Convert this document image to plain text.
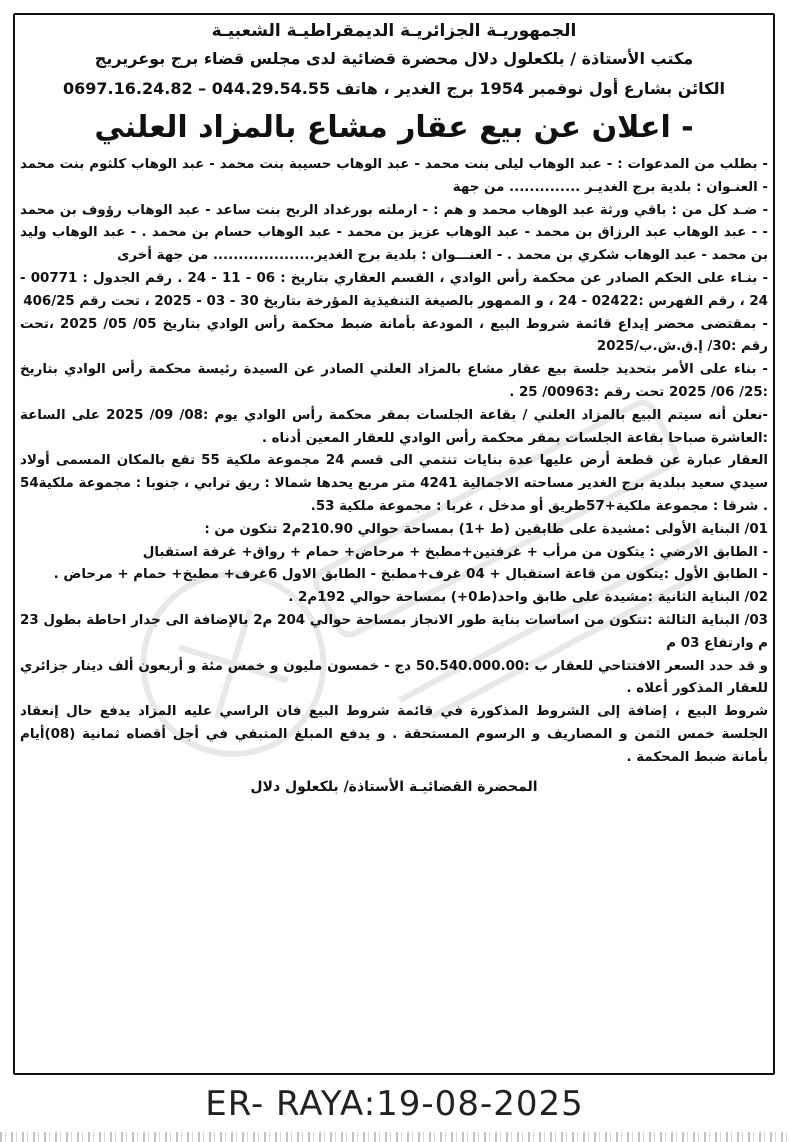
الجمهوريـة الجزائريـة الديمقراطيـة الشعبيـة

مكتب الأستاذة / بلكعلول دلال محضرة قضائية لدى مجلس قضاء برج بوعريريج

الكائن بشارع أول نوفمبر 1954 برج الغدير ، هاتف 044.29.54.55 – 0697.16.24.82

- اعلان عن بيع عقار مشاع بالمزاد العلني

- بطلب من المدعوات : - عبد الوهاب ليلى بنت محمد - عبد الوهاب حسيبة بنت محمد - عبد الوهاب كلثوم بنت محمد - العنـوان : بلدية برج الغديـر .............. من جهة

- ضـد كل من : باقي ورثة عبد الوهاب محمد و هم : - ارملته بورغداد الربح بنت ساعد - عبد الوهاب رؤوف بن محمد - - عبد الوهاب عبد الرزاق بن محمد - عبد الوهاب عزيز بن محمد - عبد الوهاب حسام بن محمد . - عبد الوهاب وليد بن محمد - عبد الوهاب شكري بن محمد . - العنـــوان : بلدية برج الغدير.................... من جهة أخرى

- بنـاء على الحكم الصادر عن محكمة رأس الوادي ، القسم العقاري بتاريخ : 06 - 11 - 24 . رقم الجدول : 00771 - 24 ، رقم الفهرس :02422 - 24 ، و الممهور بالصيغة التنفيذية المؤرخة بتاريخ 30 - 03 - 2025 ، تحت رقم 406/25

- بمقتضى محضر إيداع قائمة شروط البيع ، المودعة بأمانة ضبط محكمة رأس الوادي بتاريخ 05/ 05/ 2025 ،تحت رقم :30/ إ.ق.ش.ب/2025

- بناء على الأمر بتحديد جلسة بيع عقار مشاع بالمزاد العلني الصادر عن السيدة رئيسة محكمة رأس الوادي بتاريخ :25/ 06/ 2025 تحت رقم :00963/ 25 .

-نعلن أنه سيتم البيع بالمزاد العلني / بقاعة الجلسات بمقر محكمة رأس الوادي يوم :08/ 09/ 2025 على الساعة :العاشرة صباحا بقاعة الجلسات بمقر محكمة رأس الوادي للعقار المعين أدناه .

العقار عبارة عن قطعة أرض عليها عدة بنايات تنتمي الى قسم 24 مجموعة ملكية 55 تقع بالمكان المسمى أولاد سيدي سعيد ببلدية برج الغدير مساحته الاجمالية 4241 متر مربع يحدها شمالا : ريق ترابي ، جنوبا : مجموعة ملكية54 . شرقا : مجموعة ملكية+57طريق أو مدخل ، غربا : مجموعة ملكية 53.

01/ البناية الأولى :مشيدة على طابقين (ط +1) بمساحة حوالي 210.90م2 تتكون من :

- الطابق الارضي : يتكون من مرأب + غرفتين+مطبخ + مرحاض+ حمام + رواق+ غرفة استقبال

- الطابق الأول :يتكون من قاعة استقبال + 04 غرف+مطبخ - الطابق الاول 6غرف+ مطبخ+ حمام + مرحاض .

02/ البناية الثانية :مشيدة على طابق واحد(ط0+) بمساحة حوالي 192م2 .

03/ البناية الثالثة :تتكون من اساسات بناية طور الانجاز بمساحة حوالي 204 م2 بالإضافة الى جدار احاطة بطول 23 م وارتفاع 03 م

و قد حدد السعر الافتتاحي للعقار ب :50.540.000.00 دج - خمسون مليون و خمس مئة و أربعون ألف دينار جزائري للعقار المذكور أعلاه .

شروط البيع ، إضافة إلى الشروط المذكورة في قائمة شروط البيع فان الراسي عليه المزاد يدفع حال إنعقاد الجلسة خمس الثمن و المصاريف و الرسوم المستحقة . و يدفع المبلغ المتبقي في أجل أقصاه ثمانية (08)أيام بأمانة ضبط المحكمة .

المحضرة القضائيـة الأستاذة/ بلكعلول دلال

ER- RAYA:19-08-2025
